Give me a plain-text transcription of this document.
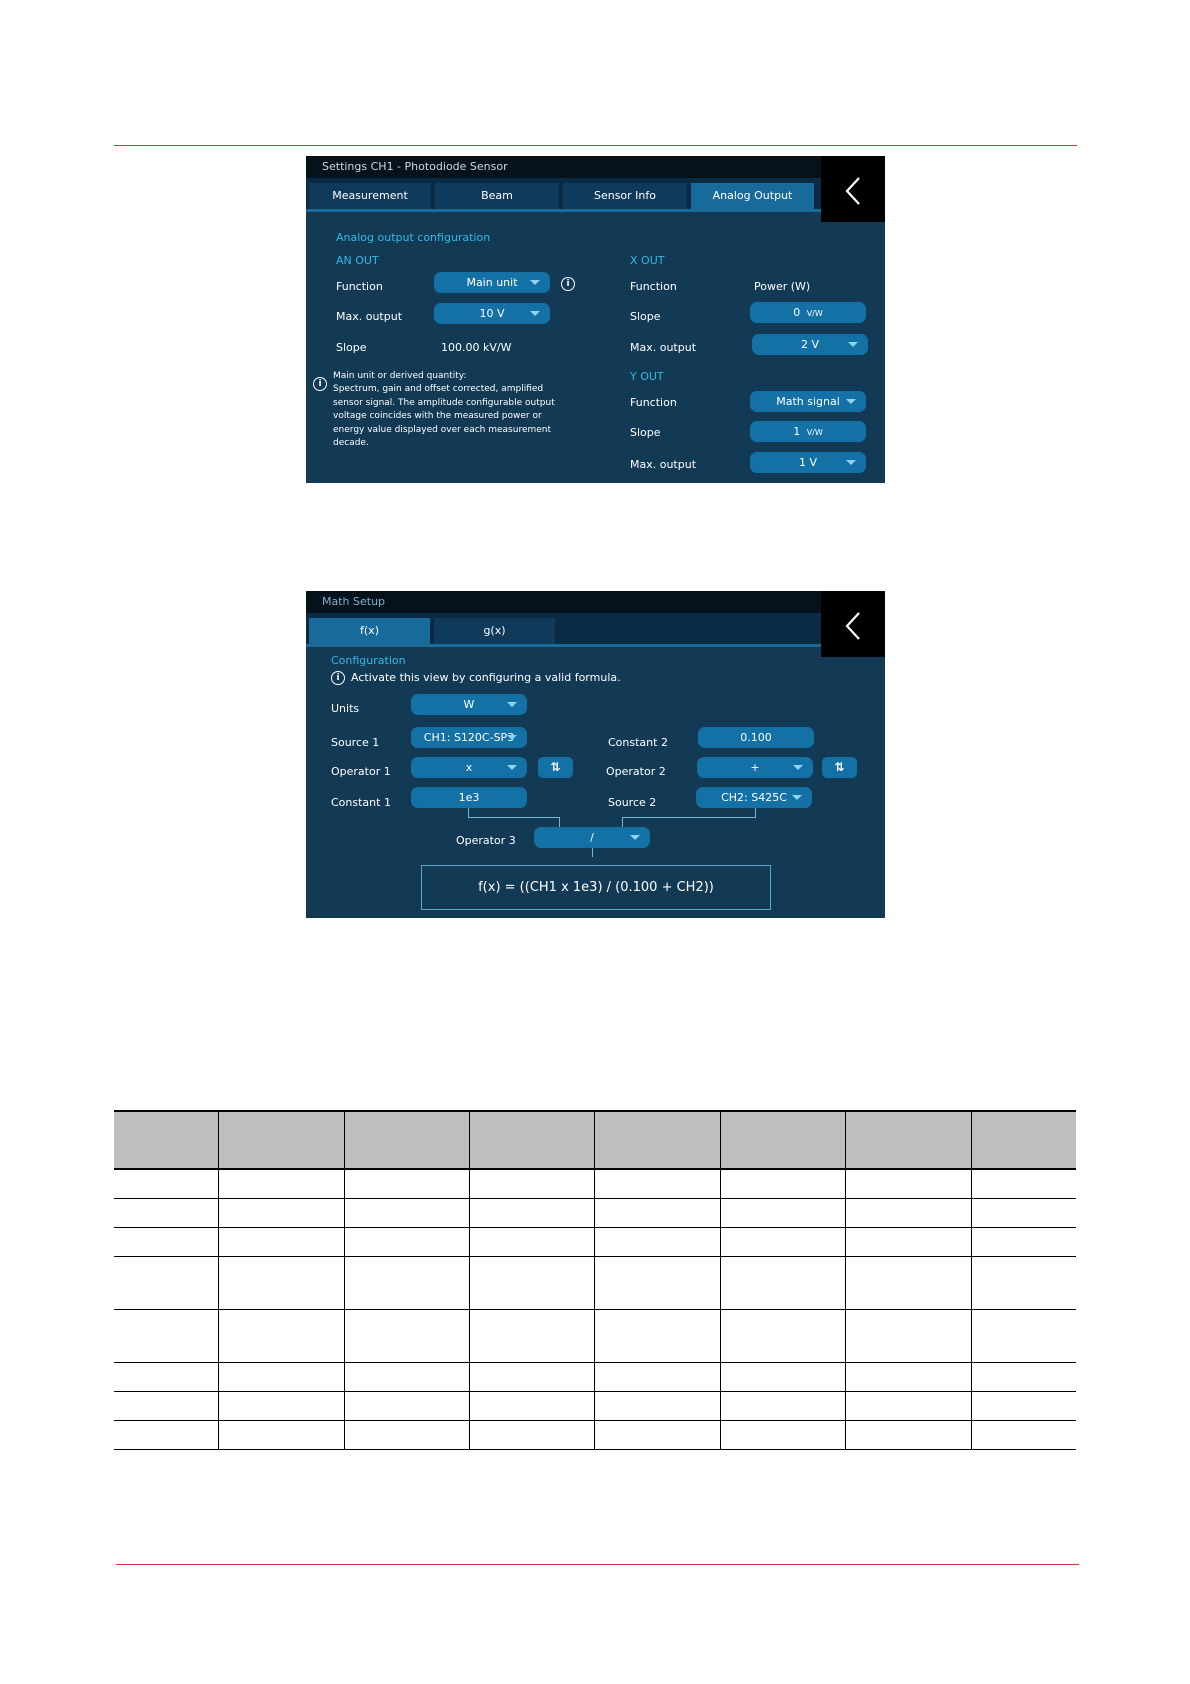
Settings CH1 - Photodiode Sensor
Measurement	Beam	Sensor Info	Analog Output
Analog output configuration
AN OUT
Function	Main unit	i
Max. output	10 V
Slope	100.00 kV/W
i
Main unit or derived quantity:
Spectrum, gain and offset corrected, amplified sensor signal. The amplitude configurable output voltage coincides with the measured power or energy value displayed over each measurement decade.
X OUT
Function	Power (W)
Slope	0 V/W
Max. output	2 V
Y OUT
Function	Math signal
Slope	1 V/W
Max. output	1 V
Math Setup
f(x)	g(x)
Configuration
i	Activate this view by configuring a valid formula.
Units	W
Source 1	CH1: S120C-SP3
Operator 1	x	⇅
Constant 1	1e3
Constant 2	0.100
Operator 2	+	⇅
Source 2	CH2: S425C
Operator 3	/
f(x) = ((CH1 x 1e3) / (0.100 + CH2))
